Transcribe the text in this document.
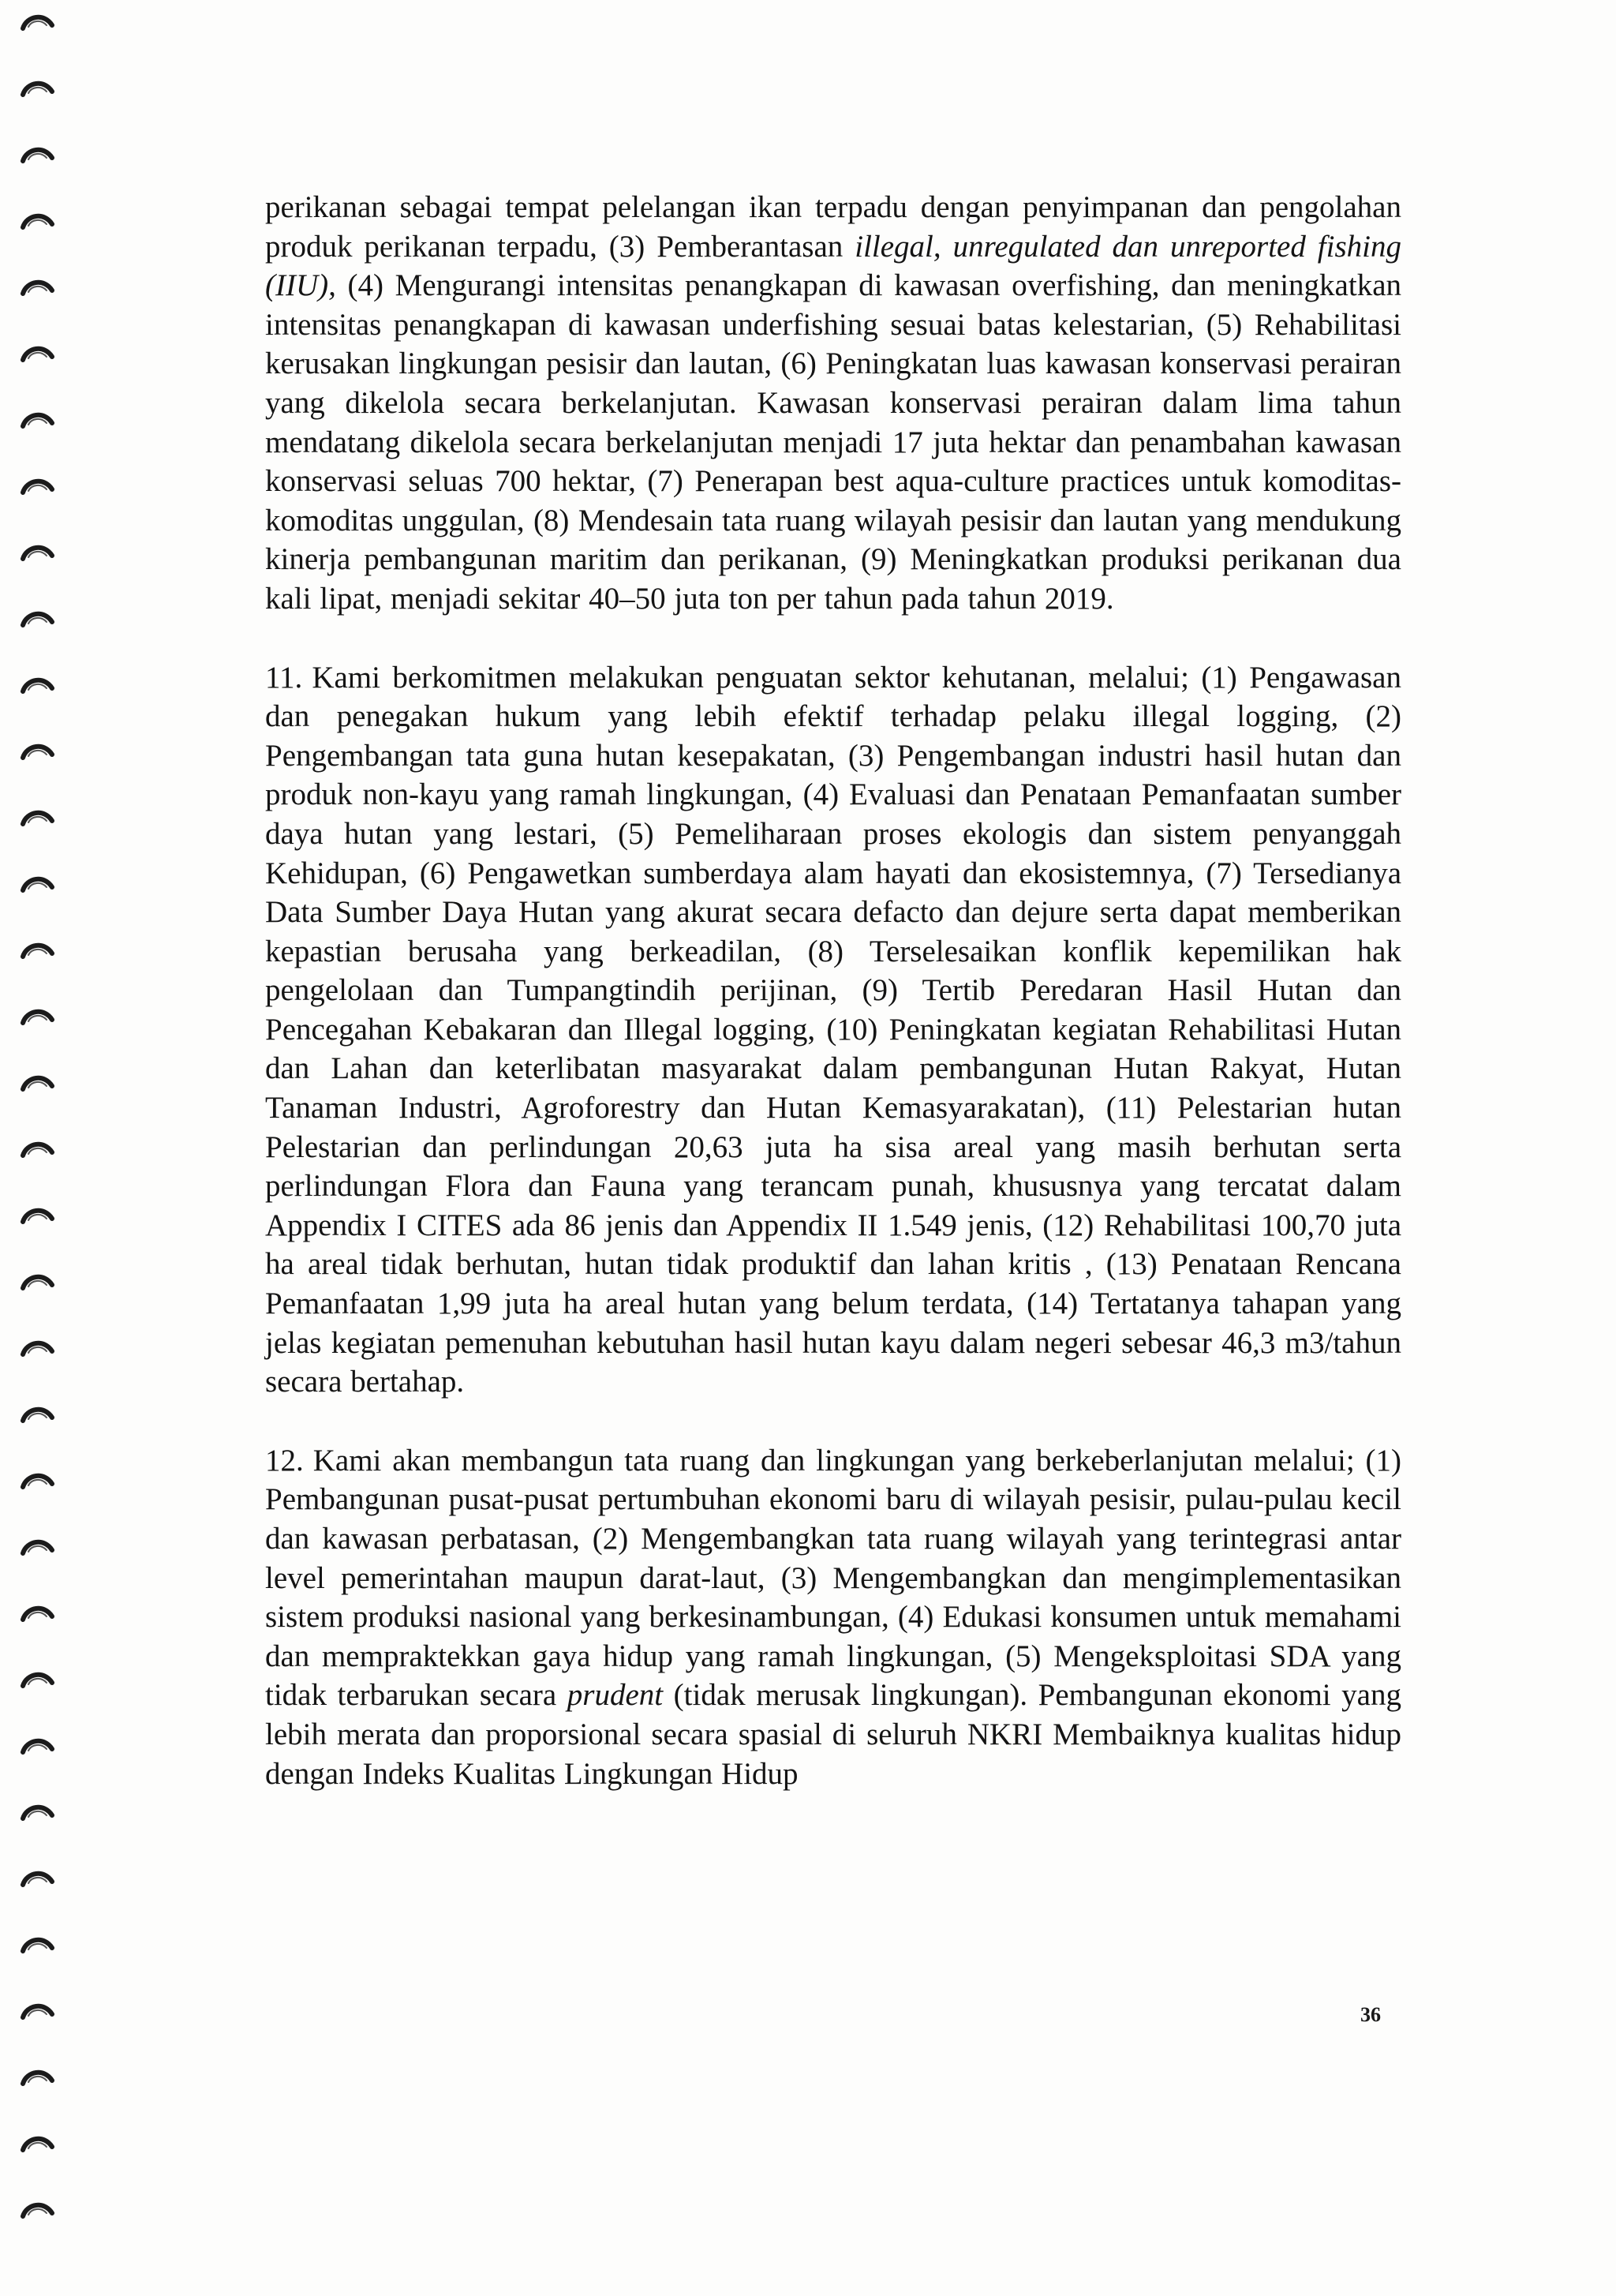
perikanan sebagai tempat pelelangan ikan terpadu dengan penyimpanan dan pengolahan produk perikanan terpadu, (3) Pemberantasan illegal, unregulated dan unreported fishing (IIU), (4) Mengurangi intensitas penangkapan di kawasan overfishing, dan meningkatkan intensitas penangkapan di kawasan underfishing sesuai batas kelestarian, (5) Rehabilitasi kerusakan lingkungan pesisir dan lautan, (6) Peningkatan luas kawasan konservasi perairan yang dikelola secara berkelanjutan. Kawasan konservasi perairan dalam lima tahun mendatang dikelola secara berkelanjutan menjadi 17 juta hektar dan penambahan kawasan konservasi seluas 700 hektar, (7) Penerapan best aqua-culture practices untuk komoditas-komoditas unggulan, (8) Mendesain tata ruang wilayah pesisir dan lautan yang mendukung kinerja pembangunan maritim dan perikanan, (9) Meningkatkan produksi perikanan dua kali lipat, menjadi sekitar 40–50 juta ton per tahun pada tahun 2019.

11. Kami berkomitmen melakukan penguatan sektor kehutanan, melalui; (1) Pengawasan dan penegakan hukum yang lebih efektif terhadap pelaku illegal logging, (2) Pengembangan tata guna hutan kesepakatan, (3) Pengembangan industri hasil hutan dan produk non-kayu yang ramah lingkungan, (4) Evaluasi dan Penataan Pemanfaatan sumber daya hutan yang lestari, (5) Pemeliharaan proses ekologis dan sistem penyanggah Kehidupan, (6) Pengawetkan sumberdaya alam hayati dan ekosistemnya, (7) Tersedianya Data Sumber Daya Hutan yang akurat secara defacto dan dejure serta dapat memberikan kepastian berusaha yang berkeadilan, (8) Terselesaikan konflik kepemilikan hak pengelolaan dan Tumpangtindih perijinan, (9) Tertib Peredaran Hasil Hutan dan Pencegahan Kebakaran dan Illegal logging, (10) Peningkatan kegiatan Rehabilitasi Hutan dan Lahan dan keterlibatan masyarakat dalam pembangunan Hutan Rakyat, Hutan Tanaman Industri, Agroforestry dan Hutan Kemasyarakatan), (11) Pelestarian hutan Pelestarian dan perlindungan 20,63 juta ha sisa areal yang masih berhutan serta perlindungan Flora dan Fauna yang terancam punah, khususnya yang tercatat dalam Appendix I CITES ada 86 jenis dan Appendix II 1.549 jenis, (12) Rehabilitasi 100,70 juta ha areal tidak berhutan, hutan tidak produktif dan lahan kritis , (13) Penataan Rencana Pemanfaatan 1,99 juta ha areal hutan yang belum terdata, (14) Tertatanya tahapan yang jelas kegiatan pemenuhan kebutuhan hasil hutan kayu dalam negeri sebesar 46,3 m3/tahun secara bertahap.

12. Kami akan membangun tata ruang dan lingkungan yang berkeberlanjutan melalui; (1) Pembangunan pusat-pusat pertumbuhan ekonomi baru di wilayah pesisir, pulau-pulau kecil dan kawasan perbatasan, (2) Mengembangkan tata ruang wilayah yang terintegrasi antar level pemerintahan maupun darat-laut, (3) Mengembangkan dan mengimplementasikan sistem produksi nasional yang berkesinambungan, (4) Edukasi konsumen untuk memahami dan mempraktekkan gaya hidup yang ramah lingkungan, (5) Mengeksploitasi SDA yang tidak terbarukan secara prudent (tidak merusak lingkungan). Pembangunan ekonomi yang lebih merata dan proporsional secara spasial di seluruh NKRI Membaiknya kualitas hidup dengan Indeks Kualitas Lingkungan Hidup

36
